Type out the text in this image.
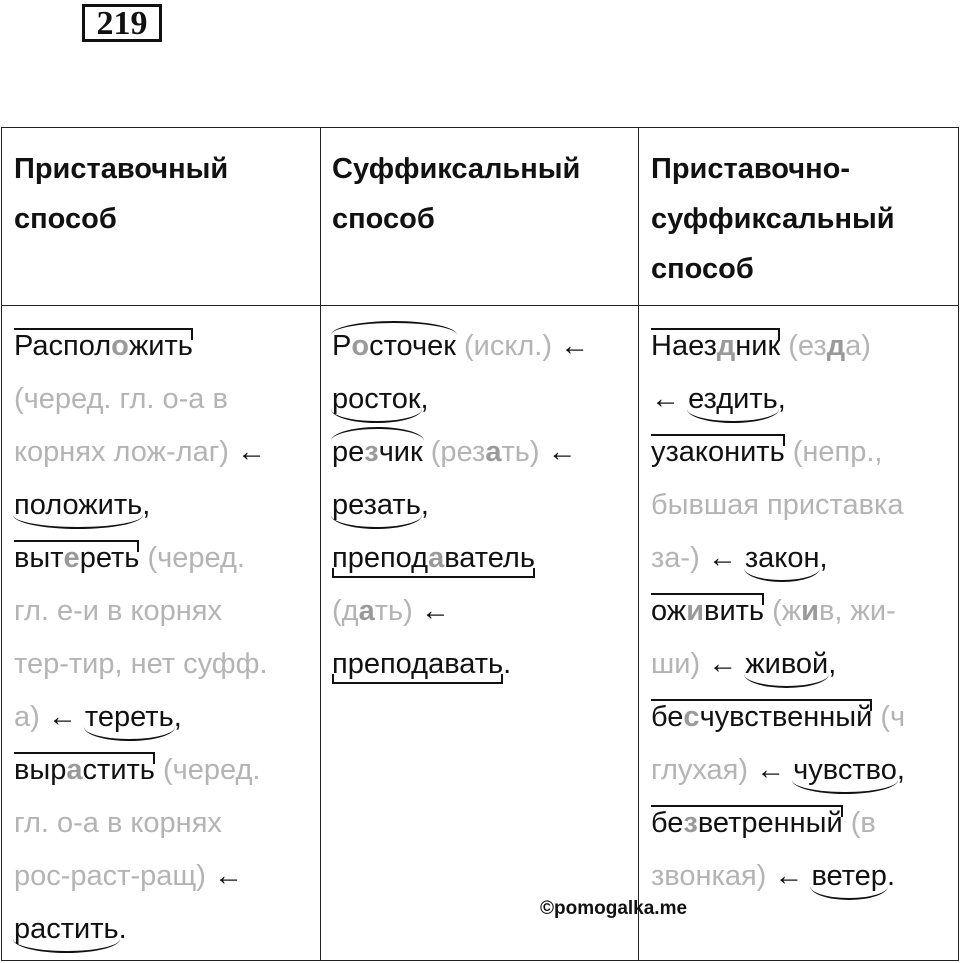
219
Приставочный
способ
Суффиксальный
способ
Приставочно-
суффиксальный
способ
Расположить
(черед. гл. о-а в
корнях лож-лаг) ←
положить,
вытереть (черед.
гл. е-и в корнях
тер-тир, нет суфф.
а) ← тереть,
вырастить (черед.
гл. о-а в корнях
рос-раст-ращ) ←
растить.
Росточек (искл.) ←
росток,
резчик (резать) ←
резать,
преподаватель
(дать) ←
преподавать.
Наездник (езда)
← ездить,
узаконить (непр.,
бывшая приставка
за-) ← закон,
оживить (жив, жи-
ши) ← живой,
бесчувственный (ч
глухая) ← чувство,
безветренный (в
звонкая) ← ветер.
©pomogalka.me
